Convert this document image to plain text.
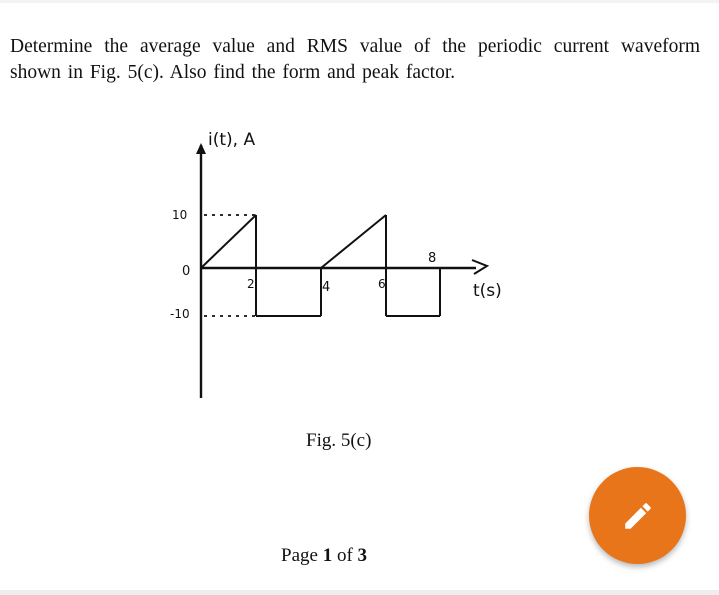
Determine the average value and RMS value of the periodic current waveform shown in Fig. 5(c). Also find the form and peak factor.
i(t), A
t(s)
10
0
-10
2	4	6
8
Fig. 5(c)
Page 1 of 3
